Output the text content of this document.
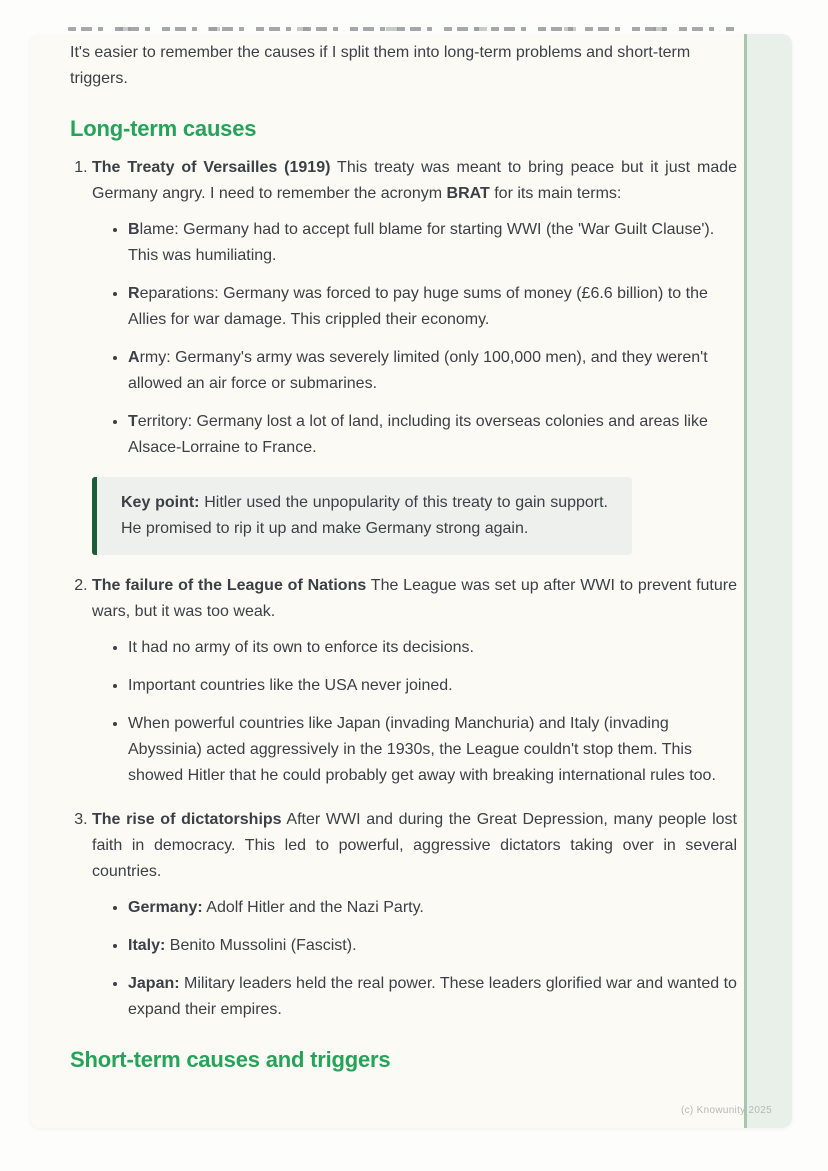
It's easier to remember the causes if I split them into long-term problems and short-term triggers.

Long-term causes

1. The Treaty of Versailles (1919) This treaty was meant to bring peace but it just made Germany angry. I need to remember the acronym BRAT for its main terms:

• Blame: Germany had to accept full blame for starting WWI (the 'War Guilt Clause'). This was humiliating.
• Reparations: Germany was forced to pay huge sums of money (£6.6 billion) to the Allies for war damage. This crippled their economy.
• Army: Germany's army was severely limited (only 100,000 men), and they weren't allowed an air force or submarines.
• Territory: Germany lost a lot of land, including its overseas colonies and areas like Alsace-Lorraine to France.

Key point: Hitler used the unpopularity of this treaty to gain support. He promised to rip it up and make Germany strong again.

2. The failure of the League of Nations The League was set up after WWI to prevent future wars, but it was too weak.

• It had no army of its own to enforce its decisions.
• Important countries like the USA never joined.
• When powerful countries like Japan (invading Manchuria) and Italy (invading Abyssinia) acted aggressively in the 1930s, the League couldn't stop them. This showed Hitler that he could probably get away with breaking international rules too.

3. The rise of dictatorships After WWI and during the Great Depression, many people lost faith in democracy. This led to powerful, aggressive dictators taking over in several countries.

• Germany: Adolf Hitler and the Nazi Party.
• Italy: Benito Mussolini (Fascist).
• Japan: Military leaders held the real power. These leaders glorified war and wanted to expand their empires.
Short-term causes and triggers
(c) Knowunity 2025
